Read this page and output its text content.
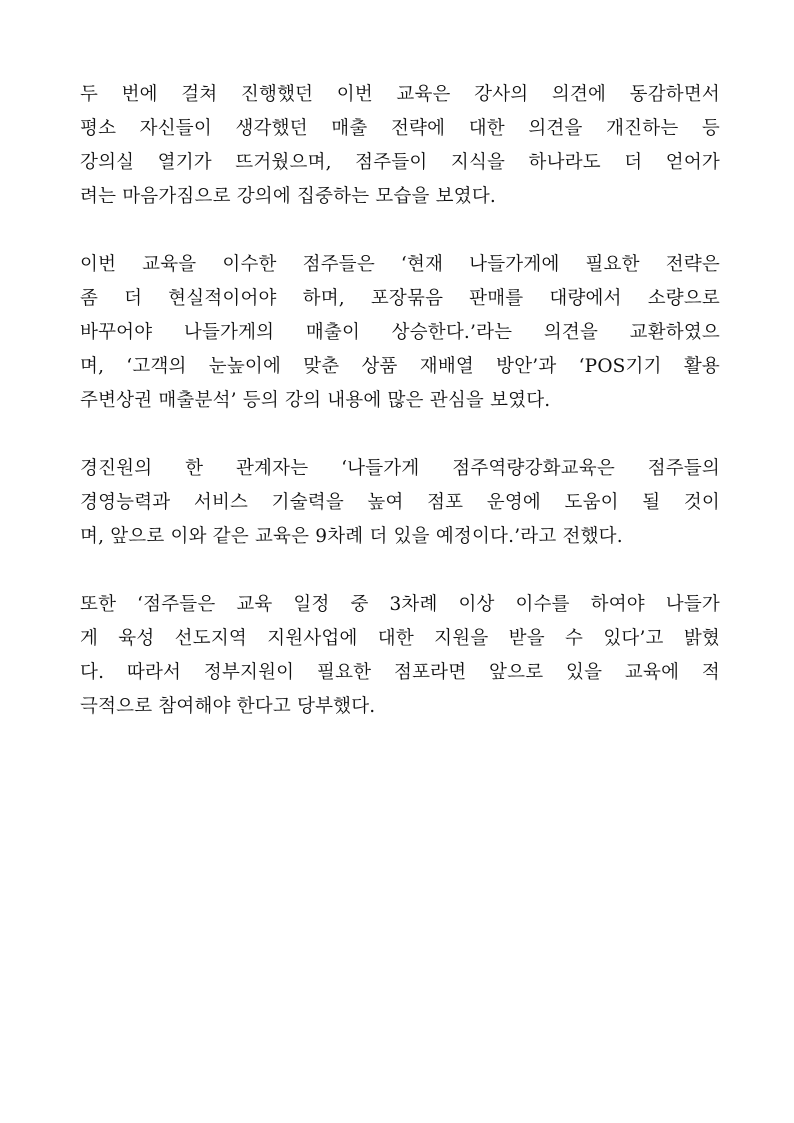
두 번에 걸쳐 진행했던 이번 교육은 강사의 의견에 동감하면서
평소 자신들이 생각했던 매출 전략에 대한 의견을 개진하는 등
강의실 열기가 뜨거웠으며, 점주들이 지식을 하나라도 더 얻어가
려는 마음가짐으로 강의에 집중하는 모습을 보였다.

이번 교육을 이수한 점주들은 ‘현재 나들가게에 필요한 전략은
좀 더 현실적이어야 하며, 포장묶음 판매를 대량에서 소량으로
바꾸어야 나들가게의 매출이 상승한다.’라는 의견을 교환하였으
며, ‘고객의 눈높이에 맞춘 상품 재배열 방안’과 ‘POS기기 활용
주변상권 매출분석’ 등의 강의 내용에 많은 관심을 보였다.

경진원의 한 관계자는 ‘나들가게 점주역량강화교육은 점주들의
경영능력과 서비스 기술력을 높여 점포 운영에 도움이 될 것이
며, 앞으로 이와 같은 교육은 9차례 더 있을 예정이다.’라고 전했다.

또한 ‘점주들은 교육 일정 중 3차례 이상 이수를 하여야 나들가
게 육성 선도지역 지원사업에 대한 지원을 받을 수 있다’고 밝혔
다. 따라서 정부지원이 필요한 점포라면 앞으로 있을 교육에 적
극적으로 참여해야 한다고 당부했다.
